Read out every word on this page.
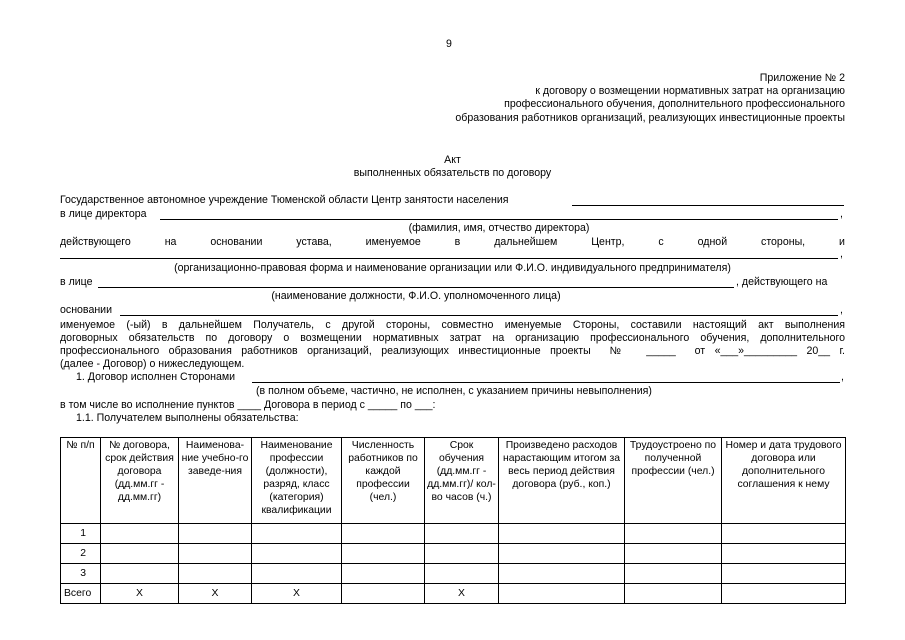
9
Приложение № 2
к договору о возмещении нормативных затрат на организацию
профессионального обучения, дополнительного профессионального
образования работников организаций, реализующих инвестиционные проекты
Акт
выполненных обязательств по договору
Государственное автономное учреждение Тюменской области Центр занятости населения
в лице директора	,
(фамилия, имя, отчество директора)
действующего	на	основании	устава,	именуемое	в	дальнейшем	Центр,	с	одной	стороны,	и
,
(организационно-правовая форма и наименование организации или Ф.И.О. индивидуального предпринимателя)
в лице	, действующего на
(наименование должности, Ф.И.О. уполномоченного лица)
основании	,
именуемое (-ый) в дальнейшем Получатель, с другой стороны, совместно именуемые Стороны, составили настоящий акт выполнения
договорных обязательств по договору о возмещении нормативных затрат на организацию профессионального обучения, дополнительного
профессионального образования работников организаций, реализующих инвестиционные проекты  №  _____  от «___»_________ 20__ г.
(далее - Договор) о нижеследующем.
1. Договор исполнен Сторонами	,
(в полном объеме, частично, не исполнен, с указанием причины невыполнения)
в том числе во исполнение пунктов ____ Договора в период с _____ по ___:
1.1. Получателем выполнены обязательства:
№ п/п	№ договора, срок действия договора (дд.мм.гг - дд.мм.гг)	Наименова-ние учебно-го заведе-ния	Наименование профессии (должности), разряд, класс (категория) квалификации	Численность работников по каждой профессии (чел.)	Срок обучения (дд.мм.гг - дд.мм.гг)/ кол-во часов (ч.)	Произведено расходов нарастающим итогом за весь период действия договора (руб., коп.)	Трудоустроено по полученной профессии (чел.)	Номер и дата трудового договора или дополнительного соглашения к нему
1								
2								
3								
Всего	Х	Х	Х		Х			
